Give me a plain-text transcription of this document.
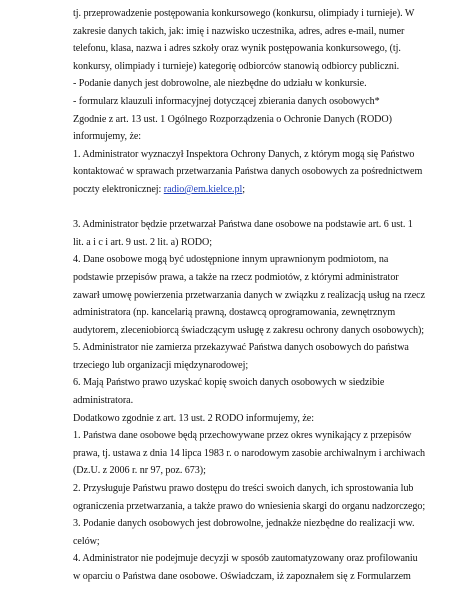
tj. przeprowadzenie postępowania konkursowego (konkursu, olimpiady i turnieje). W
zakresie danych takich, jak: imię i nazwisko uczestnika, adres, adres e-mail, numer
telefonu, klasa, nazwa i adres szkoły oraz wynik postępowania konkursowego, (tj.
konkursy, olimpiady i turnieje) kategorię odbiorców stanowią odbiorcy publiczni.
- Podanie danych jest dobrowolne, ale niezbędne do udziału w konkursie.
- formularz klauzuli informacyjnej dotyczącej zbierania danych osobowych*
Zgodnie z art. 13 ust. 1 Ogólnego Rozporządzenia o Ochronie Danych (RODO)
informujemy, że:
1. Administrator wyznaczył Inspektora Ochrony Danych, z którym mogą się Państwo
kontaktować w sprawach przetwarzania Państwa danych osobowych za pośrednictwem
poczty elektronicznej: radio@em.kielce.pl;
3. Administrator będzie przetwarzał Państwa dane osobowe na podstawie art. 6 ust. 1
lit. a i c i art. 9 ust. 2 lit. a) RODO;
4. Dane osobowe mogą być udostępnione innym uprawnionym podmiotom, na
podstawie przepisów prawa, a także na rzecz podmiotów, z którymi administrator
zawarł umowę powierzenia przetwarzania danych w związku z realizacją usług na rzecz
administratora (np. kancelarią prawną, dostawcą oprogramowania, zewnętrznym
audytorem, zleceniobiorcą świadczącym usługę z zakresu ochrony danych osobowych);
5. Administrator nie zamierza przekazywać Państwa danych osobowych do państwa
trzeciego lub organizacji międzynarodowej;
6. Mają Państwo prawo uzyskać kopię swoich danych osobowych w siedzibie
administratora.
Dodatkowo zgodnie z art. 13 ust. 2 RODO informujemy, że:
1. Państwa dane osobowe będą przechowywane przez okres wynikający z przepisów
prawa, tj. ustawa z dnia 14 lipca 1983 r. o narodowym zasobie archiwalnym i archiwach
(Dz.U. z 2006 r. nr 97, poz. 673);
2. Przysługuje Państwu prawo dostępu do treści swoich danych, ich sprostowania lub
ograniczenia przetwarzania, a także prawo do wniesienia skargi do organu nadzorczego;
3. Podanie danych osobowych jest dobrowolne, jednakże niezbędne do realizacji ww.
celów;
4. Administrator nie podejmuje decyzji w sposób zautomatyzowany oraz profilowaniu
w oparciu o Państwa dane osobowe. Oświadczam, iż zapoznałem się z Formularzem
